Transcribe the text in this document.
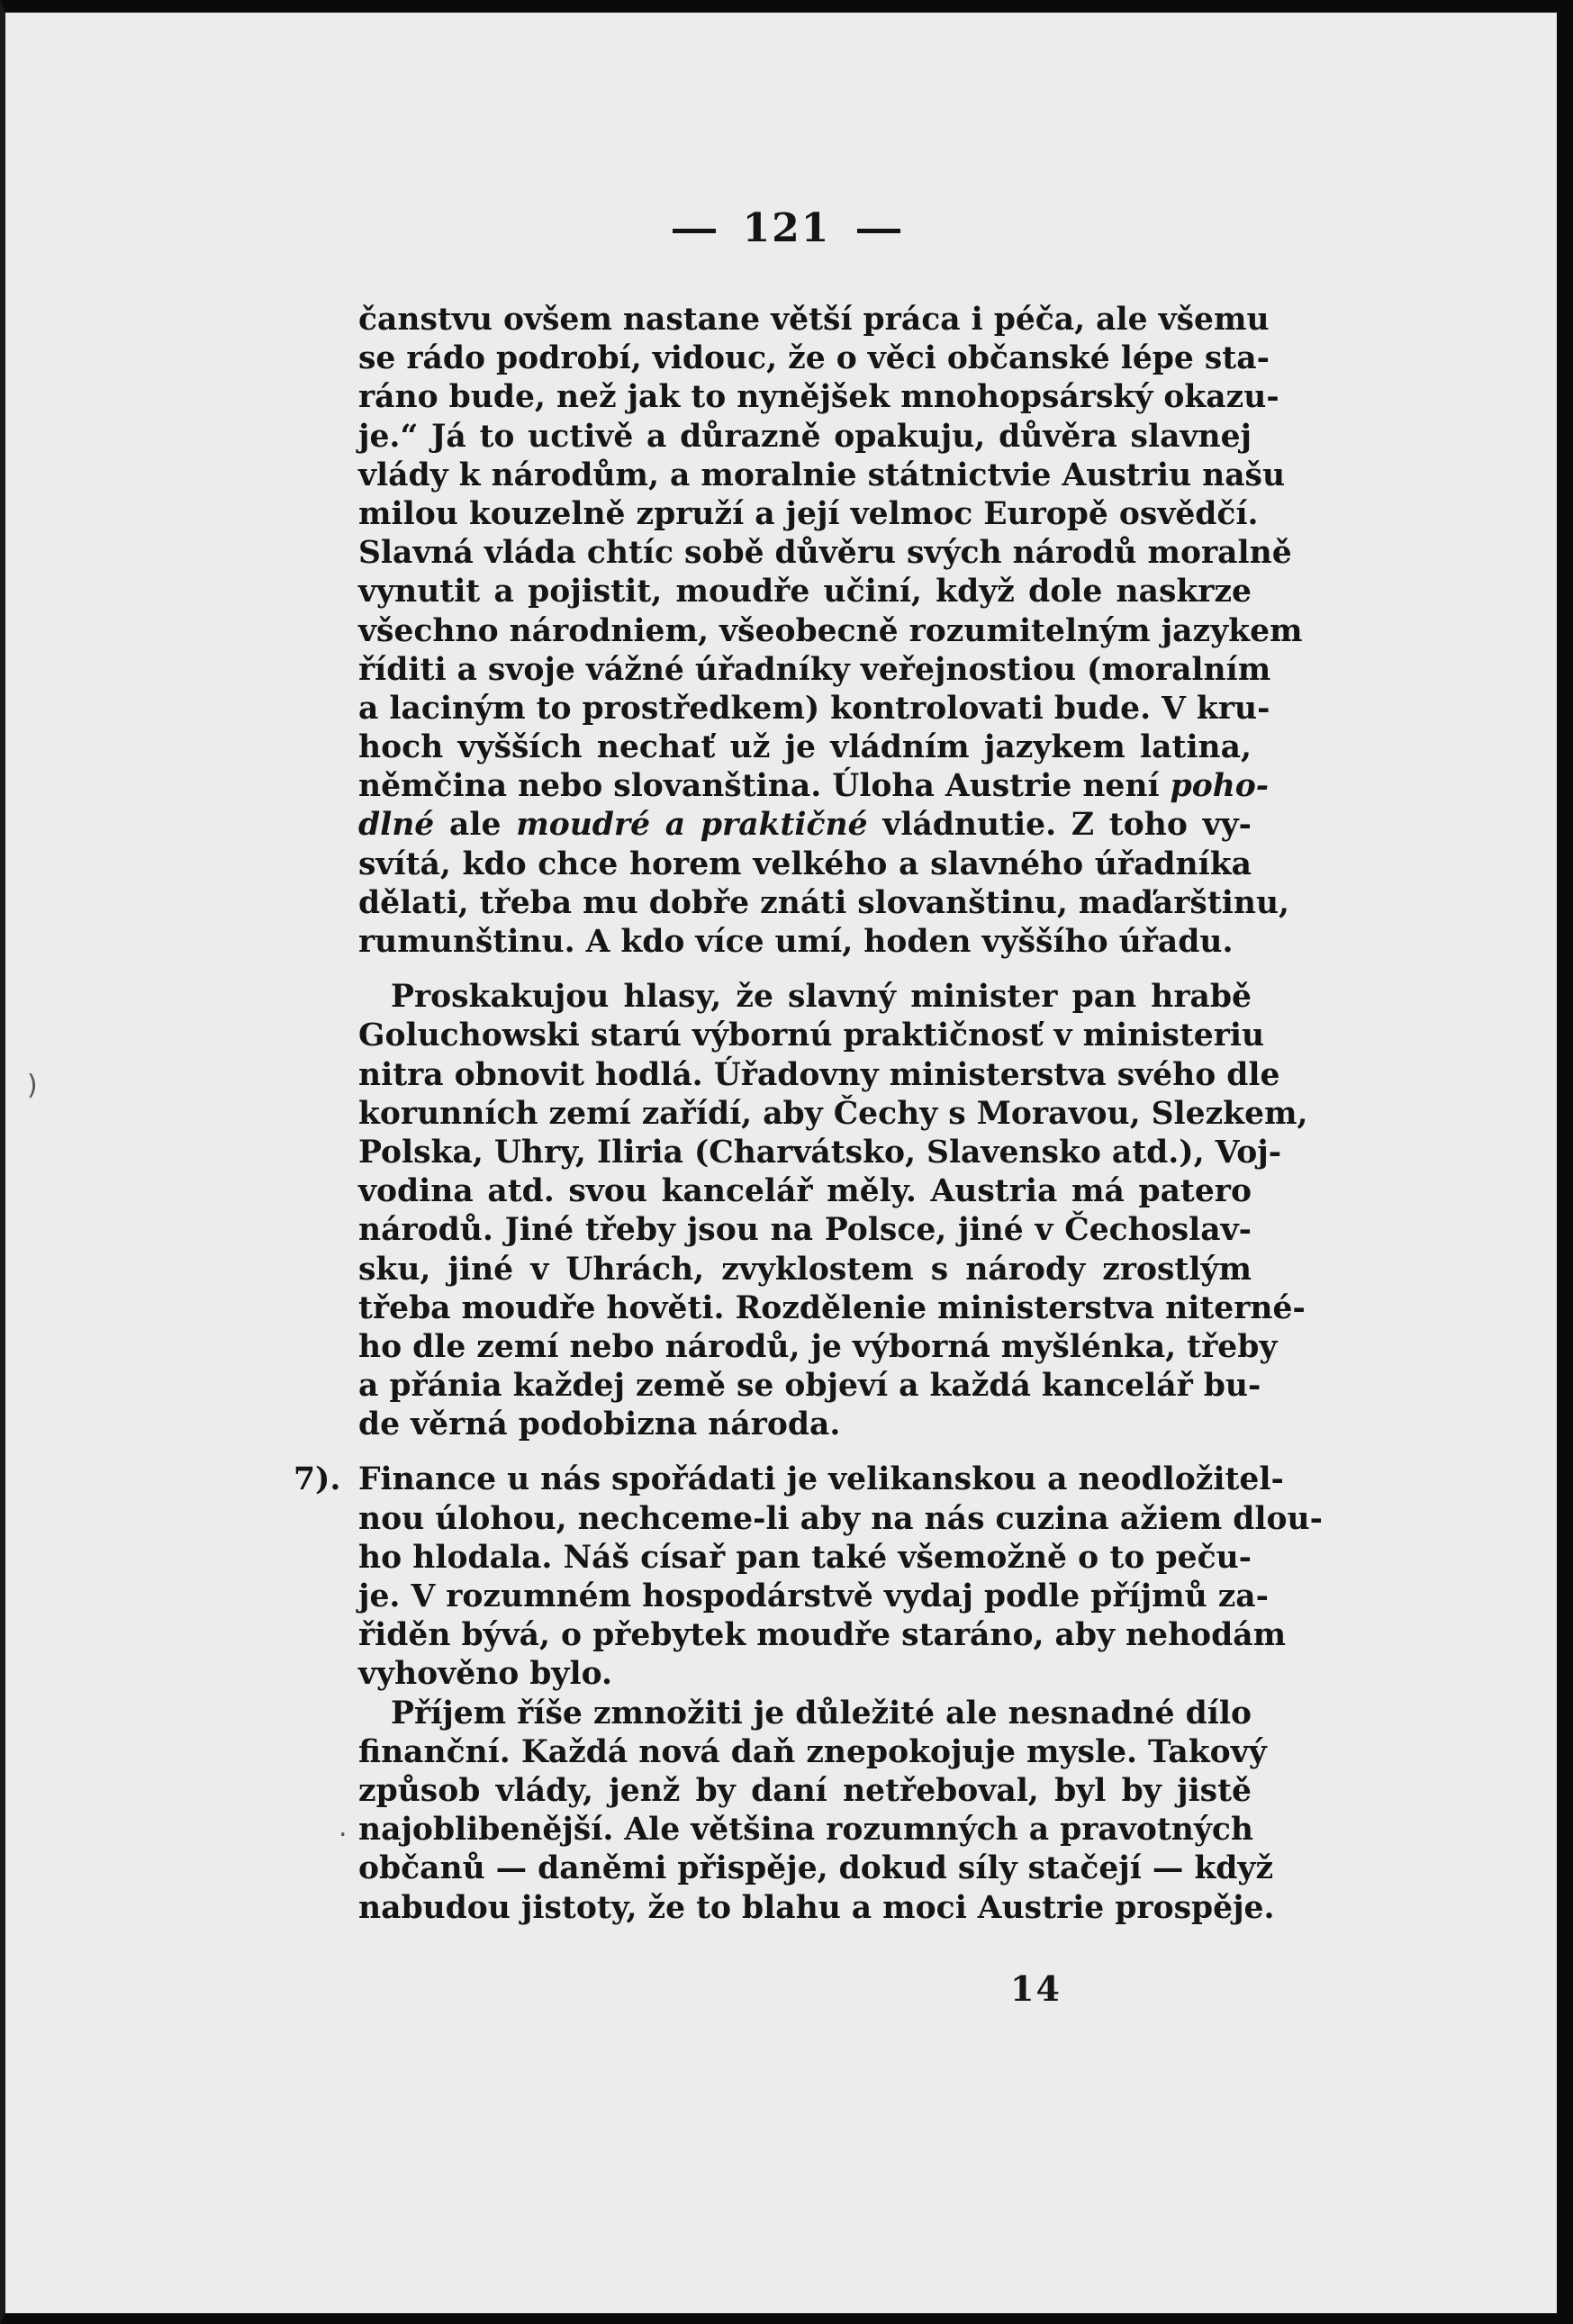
121
čanstvu ovšem nastane větší práca i péča, ale všemu
se rádo podrobí, vidouc, že o věci občanské lépe sta-
ráno bude, než jak to nynějšek mnohopsárský okazu-
je.“ Já to uctivě a důrazně opakuju, důvěra slavnej
vlády k národům, a moralnie státnictvie Austriu našu
milou kouzelně zpruží a její velmoc Europě osvědčí.
Slavná vláda chtíc sobě důvěru svých národů moralně
vynutit a pojistit, moudře učiní, když dole naskrze
všechno národniem, všeobecně rozumitelným jazykem
říditi a svoje vážné úřadníky veřejnostiou (moralním
a laciným to prostředkem) kontrolovati bude. V kru-
hoch vyšších nechať už je vládním jazykem latina,
němčina nebo slovanština. Úloha Austrie není poho-
dlné ale moudré a praktičné vládnutie. Z toho vy-
svítá, kdo chce horem velkého a slavného úřadníka
dělati, třeba mu dobře znáti slovanštinu, maďarštinu,
rumunštinu. A kdo více umí, hoden vyššího úřadu.
Proskakujou hlasy, že slavný minister pan hrabě
Goluchowski starú výbornú praktičnosť v ministeriu
nitra obnovit hodlá. Úřadovny ministerstva svého dle
korunních zemí zařídí, aby Čechy s Moravou, Slezkem,
Polska, Uhry, Iliria (Charvátsko, Slavensko atd.), Voj-
vodina atd. svou kancelář měly. Austria má patero
národů. Jiné třeby jsou na Polsce, jiné v Čechoslav-
sku, jiné v Uhrách, zvyklostem s národy zrostlým
třeba moudře hověti. Rozdělenie ministerstva niterné-
ho dle zemí nebo národů, je výborná myšlénka, třeby
a přánia každej země se objeví a každá kancelář bu-
de věrná podobizna národa.
7). Finance u nás spořádati je velikanskou a neodložitel-
nou úlohou, nechceme-li aby na nás cuzina ažiem dlou-
ho hlodala. Náš císař pan také všemožně o to peču-
je. V rozumném hospodárstvě vydaj podle příjmů za-
řiděn bývá, o přebytek moudře staráno, aby nehodám
vyhověno bylo.
Příjem říše zmnožiti je důležité ale nesnadné dílo
finanční. Každá nová daň znepokojuje mysle. Takový
způsob vlády, jenž by daní netřeboval, byl by jistě
najoblibenější. Ale většina rozumných a pravotných
občanů — daněmi přispěje, dokud síly stačejí — když
nabudou jistoty, že to blahu a moci Austrie prospěje.
14
)
.
